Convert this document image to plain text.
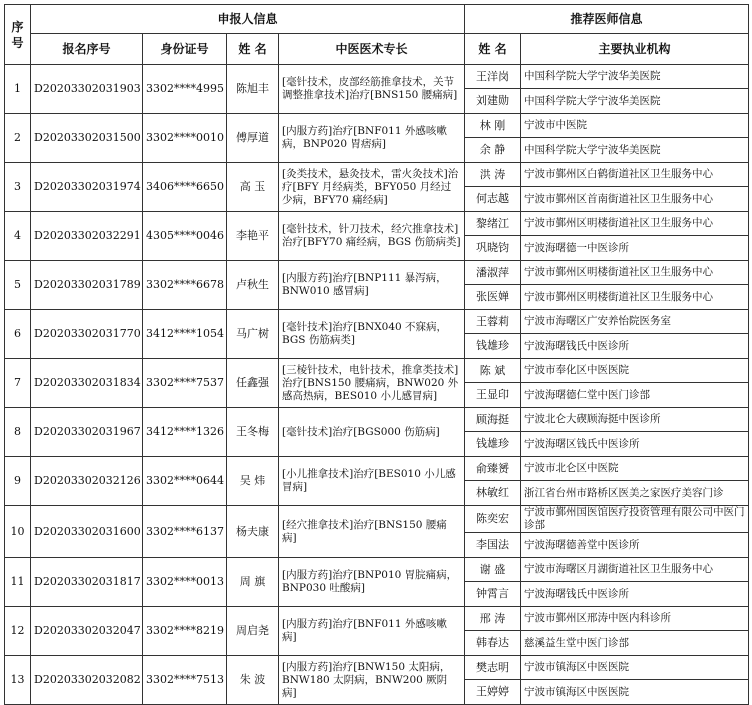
序
号	申报人信息				推荐医师信息	
	报名序号	身份证号	姓 名	中医医术专长	姓 名	主要执业机构
1	D20203302031903	3302****4995	陈旭丰	[毫针技术，皮部经筋推拿技术，关节调整推拿技术]治疗[BNS150 腰痛病]	王洋岗	中国科学院大学宁波华美医院
					刘建勋	中国科学院大学宁波华美医院
2	D20203302031500	3302****0010	傅厚道	[内服方药]治疗[BNF011 外感咳嗽病，BNP020 胃痞病]	林 刚	宁波市中医院
					余 静	中国科学院大学宁波华美医院
3	D20203302031974	3406****6650	高 玉	[灸类技术，悬灸技术，雷火灸技术]治疗[BFY 月经病类，BFY050 月经过少病，BFY70 痛经病]	洪 涛	宁波市鄞州区白鹤街道社区卫生服务中心
					何志越	宁波市鄞州区首南街道社区卫生服务中心
4	D20203302032291	4305****0046	李艳平	[毫针技术，针刀技术，经穴推拿技术]治疗[BFY70 痛经病，BGS 伤筋病类]	黎绪江	宁波市鄞州区明楼街道社区卫生服务中心
					巩晓钧	宁波海曙德一中医诊所
5	D20203302031789	3302****6678	卢秋生	[内服方药]治疗[BNP111 暴泻病，BNW010 感冒病]	潘淑萍	宁波市鄞州区明楼街道社区卫生服务中心
					张医婵	宁波市鄞州区明楼街道社区卫生服务中心
6	D20203302031770	3412****1054	马广树	[毫针技术]治疗[BNX040 不寐病，BGS 伤筋病类]	王蓉莉	宁波市海曙区广安养怡院医务室
					钱雄珍	宁波海曙钱氏中医诊所
7	D20203302031834	3302****7537	任鑫强	[三棱针技术，电针技术，推拿类技术]治疗[BNS150 腰痛病，BNW020 外感高热病，BES010 小儿感冒病]	陈 斌	宁波市奉化区中医医院
					王显印	宁波海曙德仁堂中医门诊部
8	D20203302031967	3412****1326	王冬梅	[毫针技术]治疗[BGS000 伤筋病]	顾海挺	宁波北仑大碶顾海挺中医诊所
					钱雄珍	宁波海曙区钱氏中医诊所
9	D20203302032126	3302****0644	吴 炜	[小儿推拿技术]治疗[BES010 小儿感冒病]	俞臻赟	宁波市北仑区中医院
					林敏红	浙江省台州市路桥区医美之家医疗美容门诊
10	D20203302031600	3302****6137	杨夫康	[经穴推拿技术]治疗[BNS150 腰痛病]	陈奕宏	宁波市鄞州国医馆医疗投资管理有限公司中医门诊部
					李国法	宁波海曙德善堂中医诊所
11	D20203302031817	3302****0013	周 旗	[内服方药]治疗[BNP010 胃脘痛病，BNP030 吐酸病]	谢 盛	宁波市海曙区月湖街道社区卫生服务中心
					钟霄言	宁波海曙钱氏中医诊所
12	D20203302032047	3302****8219	周启尧	[内服方药]治疗[BNF011 外感咳嗽病]	邢 涛	宁波市鄞州区邢涛中医内科诊所
					韩春达	慈溪益生堂中医门诊部
13	D20203302032082	3302****7513	朱 波	[内服方药]治疗[BNW150 太阳病，BNW180 太阴病，BNW200 厥阴病]	樊志明	宁波市镇海区中医医院
					王婷婷	宁波市镇海区中医医院
